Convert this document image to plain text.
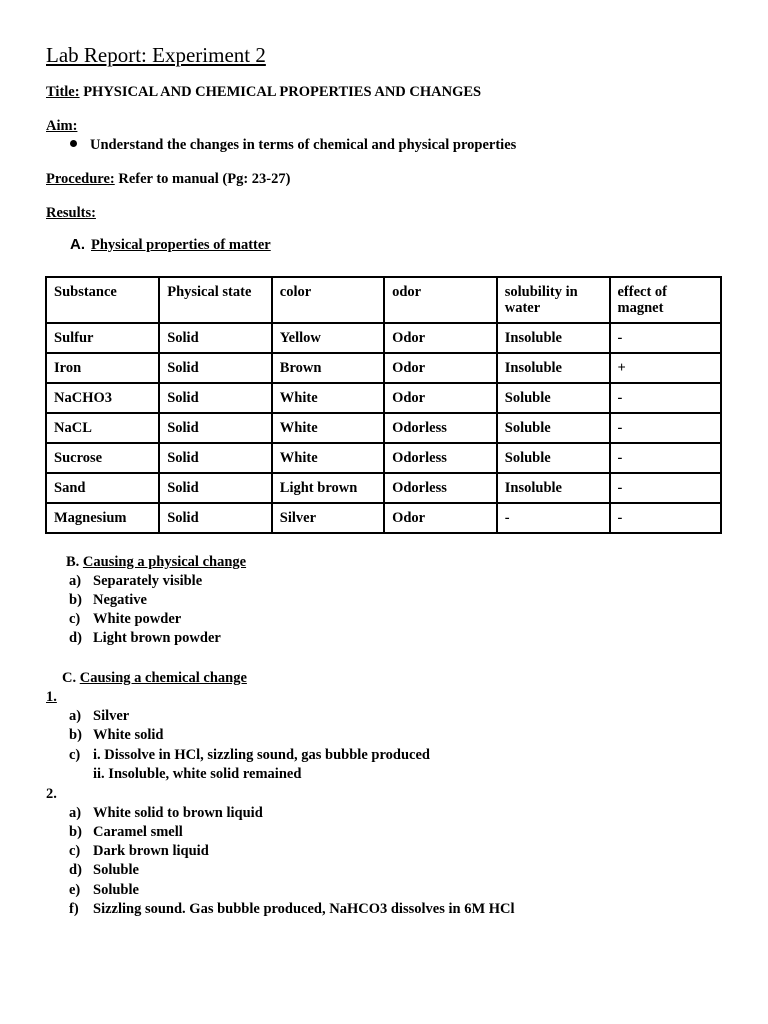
Lab Report: Experiment 2
Title: PHYSICAL AND CHEMICAL PROPERTIES AND CHANGES
Aim:
Understand the changes in terms of chemical and physical properties
Procedure: Refer to manual (Pg: 23-27)
Results:
A. Physical properties of matter
Substance	Physical state	color	odor	solubility in water	effect of magnet
Sulfur	Solid	Yellow	Odor	Insoluble	-
Iron	Solid	Brown	Odor	Insoluble	+
NaCHO3	Solid	White	Odor	Soluble	-
NaCL	Solid	White	Odorless	Soluble	-
Sucrose	Solid	White	Odorless	Soluble	-
Sand	Solid	Light brown	Odorless	Insoluble	-
Magnesium	Solid	Silver	Odor	-	-
B. Causing a physical change
a) Separately visible
b) Negative
c) White powder
d) Light brown powder
C. Causing a chemical change
1.
a) Silver
b) White solid
c) i. Dissolve in HCl, sizzling sound, gas bubble produced
ii. Insoluble, white solid remained
2.
a) White solid to brown liquid
b) Caramel smell
c) Dark brown liquid
d) Soluble
e) Soluble
f) Sizzling sound. Gas bubble produced, NaHCO3 dissolves in 6M HCl
